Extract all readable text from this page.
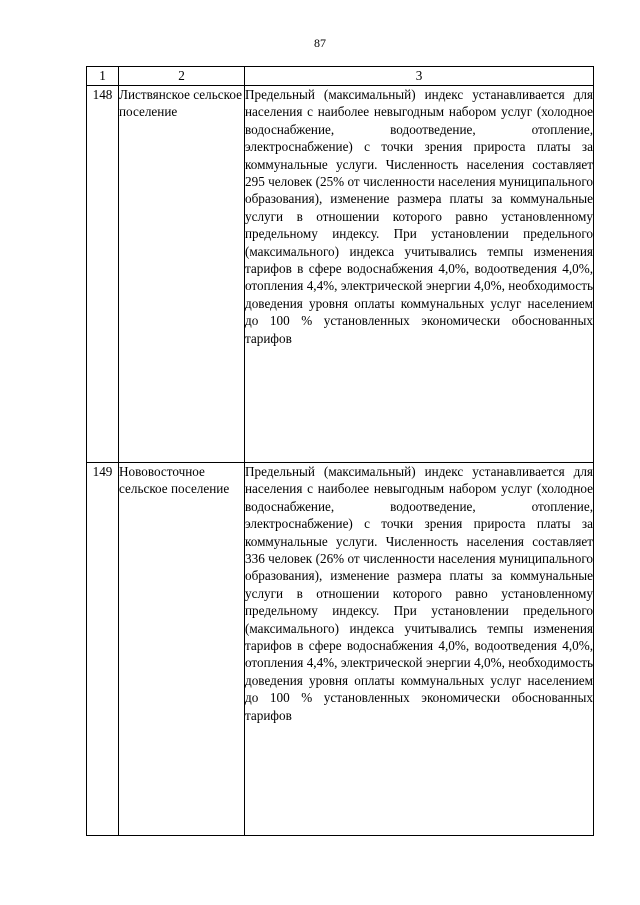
87
1	2	3
148	Листвянское сельское поселение	Предельный (максимальный) индекс устанавливается для населения с наиболее невыгодным набором услуг (холодное водоснабжение, водоотведение, отопление, электроснабжение) с точки зрения прироста платы за коммунальные услуги. Численность населения составляет 295 человек (25% от численности населения муниципального образования), изменение размера платы за коммунальные услуги в отношении которого равно установленному предельному индексу. При установлении предельного (максимального) индекса учитывались темпы изменения тарифов в сфере водоснабжения 4,0%, водоотведения 4,0%, отопления 4,4%, электрической энергии 4,0%, необходимость доведения уровня оплаты коммунальных услуг населением до 100 % установленных экономически обоснованных тарифов
149	Нововосточное сельское поселение	Предельный (максимальный) индекс устанавливается для населения с наиболее невыгодным набором услуг (холодное водоснабжение, водоотведение, отопление, электроснабжение) с точки зрения прироста платы за коммунальные услуги. Численность населения составляет 336 человек (26% от численности населения муниципального образования), изменение размера платы за коммунальные услуги в отношении которого равно установленному предельному индексу. При установлении предельного (максимального) индекса учитывались темпы изменения тарифов в сфере водоснабжения 4,0%, водоотведения 4,0%, отопления 4,4%, электрической энергии 4,0%, необходимость доведения уровня оплаты коммунальных услуг населением до 100 % установленных экономически обоснованных тарифов
